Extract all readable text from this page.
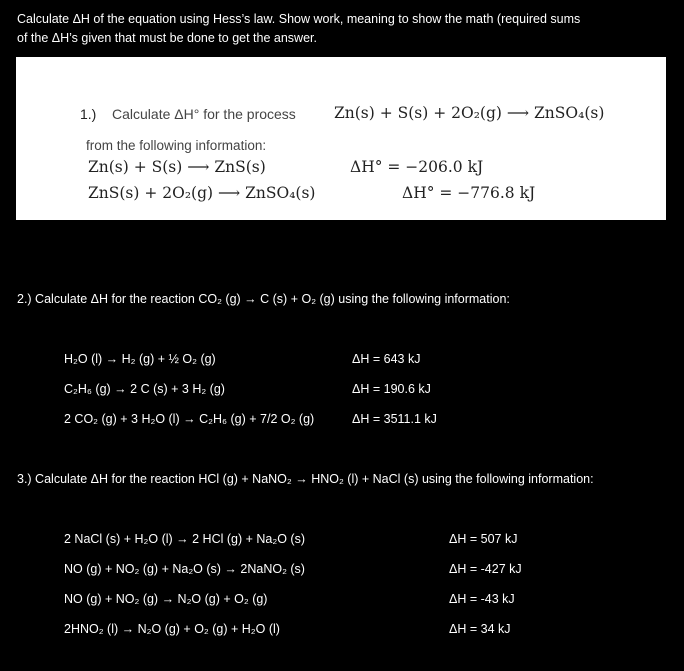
Calculate ΔH of the equation using Hess’s law. Show work, meaning to show the math (required sums
of the ΔH’s given that must be done to get the answer.
1.) Calculate ΔH° for the process Zn(s) + S(s) + 2O₂(g) ⟶ ZnSO₄(s)
from the following information:
Zn(s) + S(s) ⟶ ZnS(s)	ΔH° = −206.0 kJ
ZnS(s) + 2O₂(g) ⟶ ZnSO₄(s)	ΔH° = −776.8 kJ
2.) Calculate ΔH for the reaction CO₂ (g) → C (s) + O₂ (g) using the following information:
H₂O (l) → H₂ (g) + ½ O₂ (g)	ΔH = 643 kJ
C₂H₆ (g) → 2 C (s) + 3 H₂ (g)	ΔH = 190.6 kJ
2 CO₂ (g) + 3 H₂O (l) → C₂H₆ (g) + 7/2 O₂ (g)	ΔH = 3511.1 kJ
3.) Calculate ΔH for the reaction HCl (g) + NaNO₂ → HNO₂ (l) + NaCl (s) using the following information:
2 NaCl (s) + H₂O (l) → 2 HCl (g) + Na₂O (s)	ΔH = 507 kJ
NO (g) + NO₂ (g) + Na₂O (s) → 2NaNO₂ (s)	ΔH = -427 kJ
NO (g) + NO₂ (g) → N₂O (g) + O₂ (g)	ΔH = -43 kJ
2HNO₂ (l) → N₂O (g) + O₂ (g) + H₂O (l)	ΔH = 34 kJ
